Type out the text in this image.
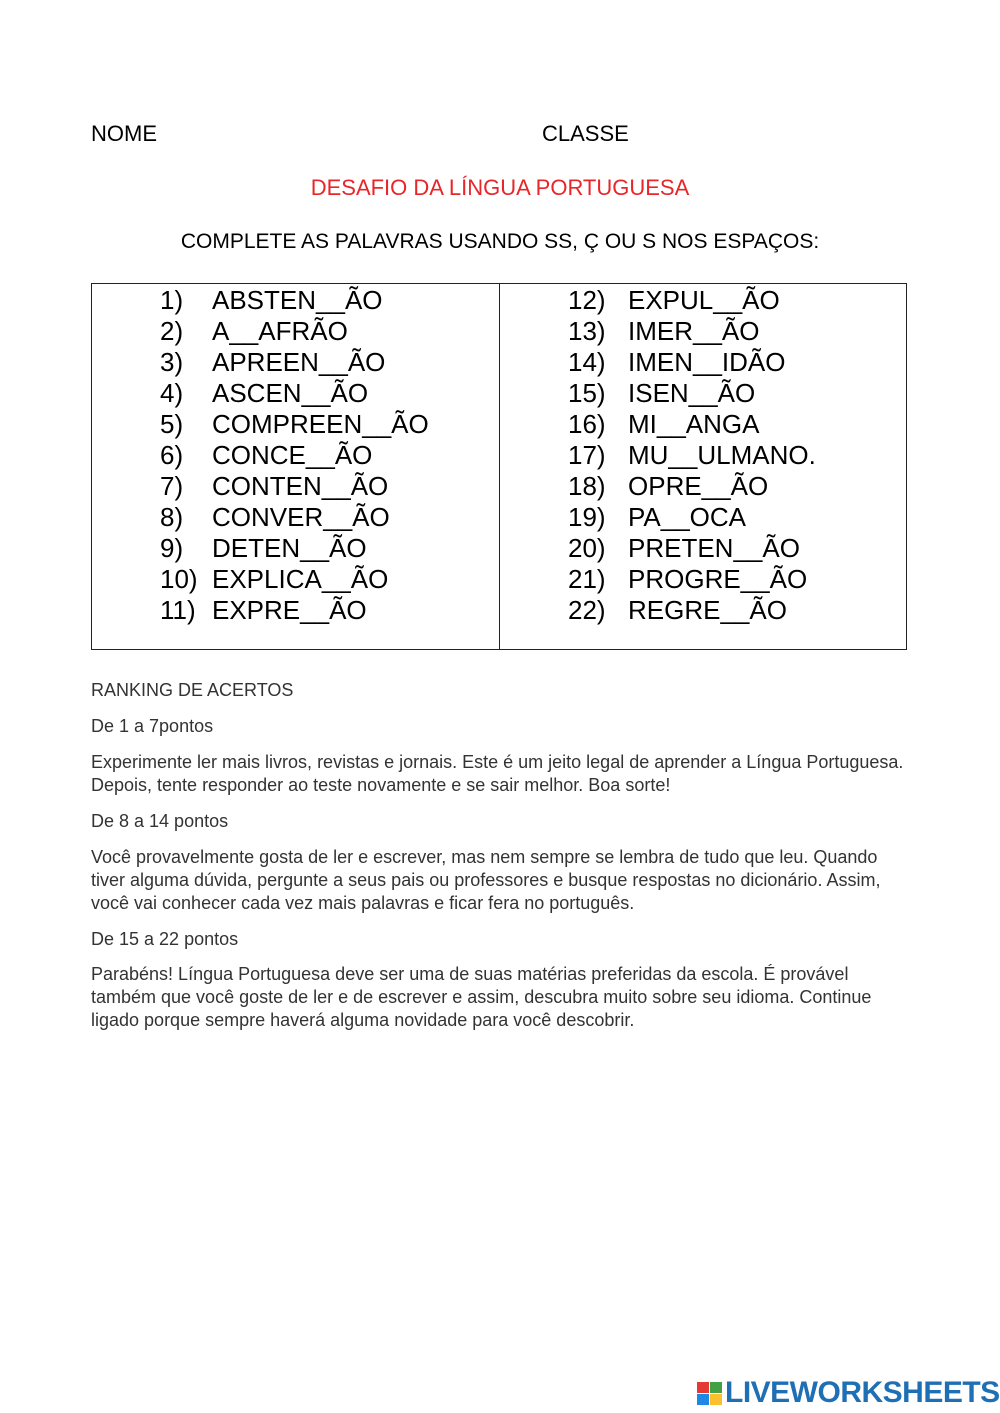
NOME	CLASSE
DESAFIO DA LÍNGUA PORTUGUESA
COMPLETE AS PALAVRAS USANDO SS, Ç OU S NOS ESPAÇOS:
1) ABSTEN__ÃO
2) A__AFRÃO
3) APREEN__ÃO
4) ASCEN__ÃO
5) COMPREEN__ÃO
6) CONCE__ÃO
7) CONTEN__ÃO
8) CONVER__ÃO
9) DETEN__ÃO
10) EXPLICA__ÃO
11) EXPRE__ÃO
12) EXPUL__ÃO
13) IMER__ÃO
14) IMEN__IDÃO
15) ISEN__ÃO
16) MI__ANGA
17) MU__ULMANO.
18) OPRE__ÃO
19) PA__OCA
20) PRETEN__ÃO
21) PROGRE__ÃO
22) REGRE__ÃO
RANKING DE ACERTOS
De 1 a 7pontos
Experimente ler mais livros, revistas e jornais. Este é um jeito legal de aprender a Língua Portuguesa. Depois, tente responder ao teste novamente e se sair melhor. Boa sorte!
De 8 a 14 pontos
Você provavelmente gosta de ler e escrever, mas nem sempre se lembra de tudo que leu. Quando tiver alguma dúvida, pergunte a seus pais ou professores e busque respostas no dicionário. Assim, você vai conhecer cada vez mais palavras e ficar fera no português.
De 15 a 22 pontos
Parabéns! Língua Portuguesa deve ser uma de suas matérias preferidas da escola. É provável também que você goste de ler e de escrever e assim, descubra muito sobre seu idioma. Continue ligado porque sempre haverá alguma novidade para você descobrir.
LIVEWORKSHEETS
